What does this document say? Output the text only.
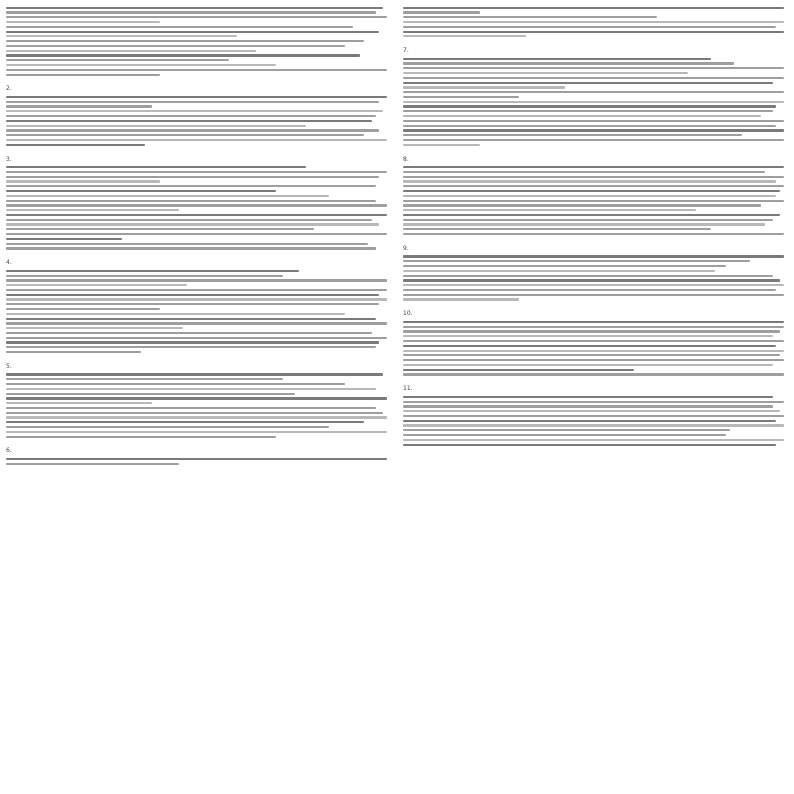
2.
3.
4.
5.
6.
7.
8.
9.
10.
11.
